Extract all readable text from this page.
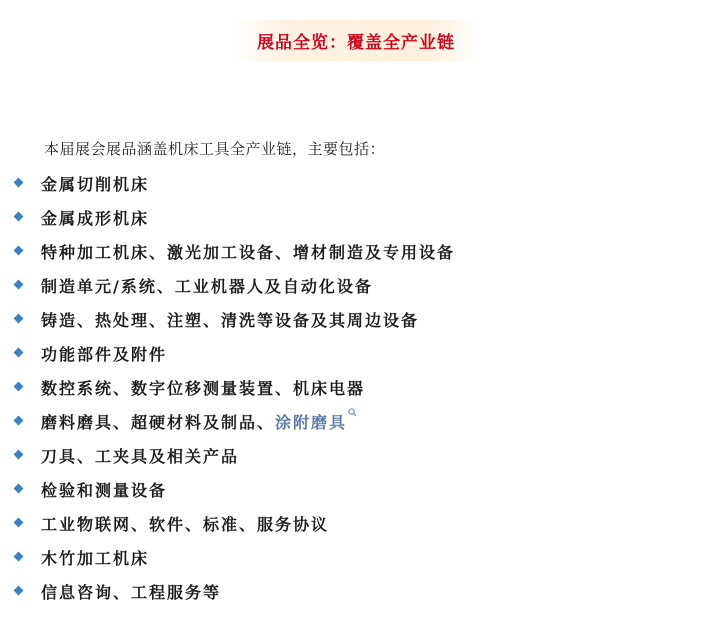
展品全览：覆盖全产业链
本届展会展品涵盖机床工具全产业链，主要包括：
金属切削机床
金属成形机床
特种加工机床、激光加工设备、增材制造及专用设备
制造单元/系统、工业机器人及自动化设备
铸造、热处理、注塑、清洗等设备及其周边设备
功能部件及附件
数控系统、数字位移测量装置、机床电器
磨料磨具、超硬材料及制品、涂附磨具
刀具、工夹具及相关产品
检验和测量设备
工业物联网、软件、标准、服务协议
木竹加工机床
信息咨询、工程服务等
